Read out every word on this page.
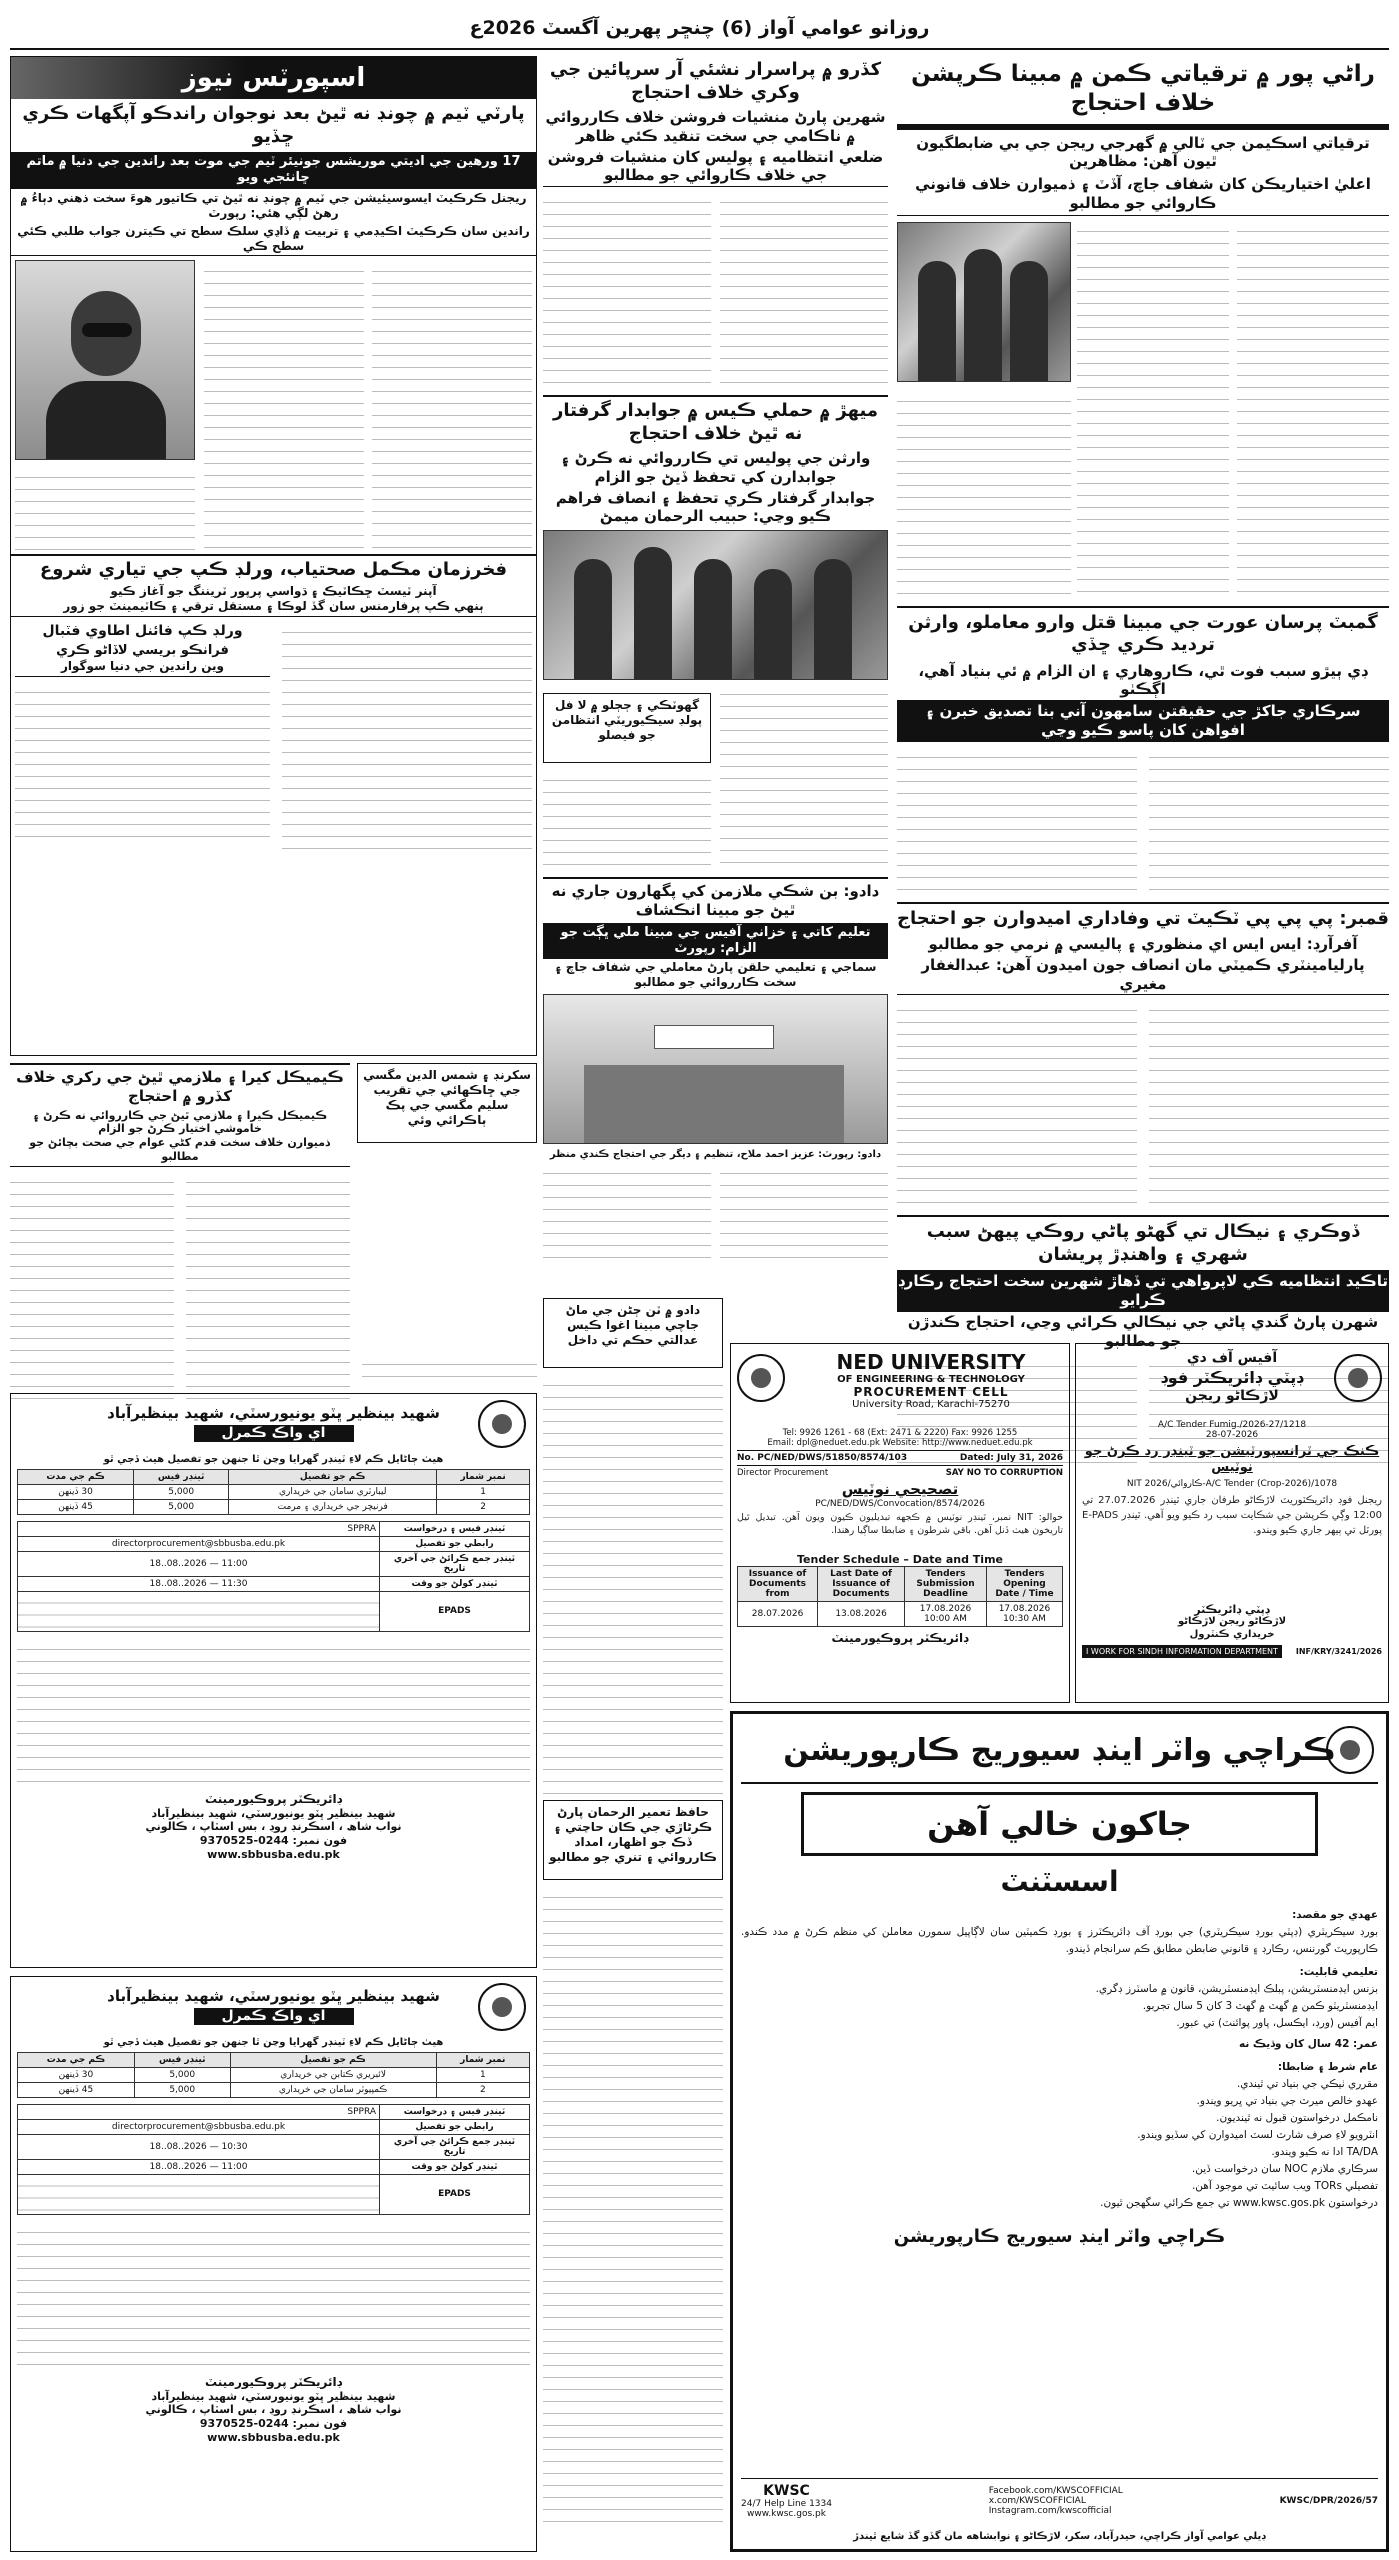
روزانو عوامي آواز (6) چنڇر پهرين آگسٽ 2026ع
راڻي پور ۾ ترقياتي ڪمن ۾ مبينا ڪرپشن خلاف احتجاج
ترقياتي اسڪيمن جي ٽالي ۾ گهرجي ريجن جي بي ضابطگيون ٿيون آهن: مظاهرين
اعليٰ اختياريڪن کان شفاف جاچ، آڏٽ ۽ ذميوارن خلاف قانوني ڪاروائي جو مطالبو
گمبٽ پرسان عورت جي مبينا قتل وارو معاملو، وارثن ترديد ڪري ڇڏي
ڊي ٻيڙو سبب فوت ٿي، ڪاروهاري ۽ ان الزام ۾ ئي بنياد آهي، اڳڪٺو
سرڪاري جاکڙ جي حقيقتن سامهون آني بنا تصديق خبرن ۽ افواهن کان پاسو ڪيو وڃي
قمبر: پي پي پي ٽڪيٽ تي وفاداري اميدوارن جو احتجاج
آفرآرڊ: ايس ايس اي منظوري ۽ پاليسي ۾ نرمي جو مطالبو
پارليامينٽري ڪميٽي مان انصاف جون اميدون آهن: عبدالغفار مغيري
ڏوڪري ۽ نيڪال تي گهڻو پاڻي روڪي پيهڻ سبب شهري ۽ واهنڊڙ پريشان
تاڪيد انتظاميه ڪي لاپرواهي تي ڏهاڙ شهرين سخت احتجاج رڪارڊ ڪرايو
شهرن پارڻ گندي پاڻي جي نيڪالي ڪرائي وڃي، احتجاج ڪندڙن جو مطالبو
کڏرو ۾ پراسرار نشئي آر سرپائين جي وکري خلاف احتجاج
شهرين پارڻ منشيات فروشن خلاف ڪارروائي ۾ ناڪامي جي سخت تنقيد ڪئي ظاهر
ضلعي انتظاميه ۽ پوليس کان منشيات فروشن جي خلاف ڪاروائي جو مطالبو
ميهڙ ۾ حملي ڪيس ۾ جوابدار گرفتار نه ٿيڻ خلاف احتجاج
وارثن جي پوليس تي ڪارروائي نه ڪرڻ ۽ جوابدارن کي تحفظ ڏيڻ جو الزام
جوابدار گرفتار ڪري تحفظ ۽ انصاف فراهم ڪيو وڃي: حبيب الرحمان ميمڻ
گهوٽڪي ۽ ڄڄلو ۾ لا فل پولڊ سيڪيوريٽي انتظامن جو فيصلو
دادو: بن شڪي ملازمن کي پگهارون جاري نه ٿيڻ جو مبينا انڪشاف
تعليم کاتي ۽ خزاني آفيس جي مبينا ملي ڀڳت جو الزام: رپورٽ
سماجي ۽ تعليمي حلقن پارڻ معاملي جي شفاف جاچ ۽ سخت ڪارروائي جو مطالبو
دادو: رپورٽ: عزيز احمد ملاح، تنظيم ۽ ديگر جي احتجاج ڪندي منظر
سکرنڊ ۽ شمس الدين مگسي جي ڇاڪهائي جي تقريب سليم مگسي جي پڪ ٻاڪرائي وئي
اسپورٽس نيوز
پارٽي ٽيم ۾ چونڊ نه ٿيڻ بعد نوجوان راندڪو آپگهات ڪري ڇڏيو
17 ورهين جي اديتي موريشس جونيئر ٽيم جي موت بعد راندين جي دنيا ۾ ماتم ڇانئجي ويو
ريجنل ڪرڪيٽ ايسوسيئيشن جي ٽيم ۾ چونڊ نه ٿيڻ تي ڪاتيور هوءَ سخت ذهني دٻاءُ ۾ رهڻ لڳي هئي: رپورٽ
راندين سان ڪرڪيٽ اڪيڊمي ۽ تربيت ۾ ڏاڍي سلڪ سطح تي ڪيترن جواب طلبي ڪئي سطح ڪي
فخرزمان مڪمل صحتياب، ورلڊ ڪپ جي تياري شروع
آپنر ٽيسٽ ڇڪاٽيڪ ۽ ڌواسي پرپور ٽريننگ جو آغاز ڪيو
ٻنهي ڪپ پرفارمنس سان گڏ لوڪا ۽ مستقل ترقي ۽ ڪاٽيمينٽ جو زور
ورلڊ ڪپ فائنل اطاوي فٽبال
فرانڪو بريسي لاڏاڻو ڪري
وين راندين جي دنيا سوگوار
ڪيميڪل کيرا ۽ ملازمي ٿيڻ جي رکري خلاف کڏرو ۾ احتجاج
ڪيميڪل ڪيرا ۽ ملازمي ٿيڻ جي ڪارروائي نه ڪرڻ ۽ خاموشي اختيار ڪرڻ جو الزام
ذميوارن خلاف سخت قدم کڻي عوام جي صحت بچائڻ جو مطالبو
شهيد بينظير ڀٽو يونيورسٽي، شهيد بينظيرآباد
اي واڪ ڪمرل
هيٺ ڄاڻايل ڪم لاءِ ٽينڊر گهرايا وڃن ٿا جنهن جو تفصيل هيٺ ڏجي ٿو
نمبر شمار	ڪم جو تفصيل	ٽينڊر فيس	ڪم جي مدت
1	ليبارٽري سامان جي خريداري	5,000	30 ڏينهن
2	فرنيچر جي خريداري ۽ مرمت	5,000	45 ڏينهن
ٽينڊر فيس ۽ درخواست	SPPRA
رابطي جو تفصيل	directorprocurement@sbbusba.edu.pk
ٽينڊر جمع ڪرائڻ جي آخري تاريخ	18..08..2026 — 11:00
ٽينڊر کولڻ جو وقت	18..08..2026 — 11:30
EPADS	
ڊائريڪٽر پروڪيورمينٽ
شهيد بينظير ڀٽو يونيورسٽي، شهيد بينظيرآباد
نواب شاھ ، اسڪرنڊ روڊ ، بس اسٽاپ ، ڪالوني
فون نمبر: 0244-9370525
www.sbbusba.edu.pk
شهيد بينظير ڀٽو يونيورسٽي، شهيد بينظيرآباد
اي واڪ ڪمرل
هيٺ ڄاڻايل ڪم لاءِ ٽينڊر گهرايا وڃن ٿا جنهن جو تفصيل هيٺ ڏجي ٿو
نمبر شمار	ڪم جو تفصيل	ٽينڊر فيس	ڪم جي مدت
1	لائبريري ڪتابن جي خريداري	5,000	30 ڏينهن
2	ڪمپيوٽر سامان جي خريداري	5,000	45 ڏينهن
ٽينڊر فيس ۽ درخواست	SPPRA
رابطي جو تفصيل	directorprocurement@sbbusba.edu.pk
ٽينڊر جمع ڪرائڻ جي آخري تاريخ	18..08..2026 — 10:30
ٽينڊر کولڻ جو وقت	18..08..2026 — 11:00
EPADS	
ڊائريڪٽر پروڪيورمينٽ
شهيد بينظير ڀٽو يونيورسٽي، شهيد بينظيرآباد
نواب شاھ ، اسڪرنڊ روڊ ، بس اسٽاپ ، ڪالوني
فون نمبر: 0244-9370525
www.sbbusba.edu.pk
دادو ۾ ٽن ڄڻن جي ماڻ جاچي مبينا اغوا ڪيس عدالتي حڪم تي داخل
حافظ تعمير الرحمان پارڻ ڪرڻاڙي جي ڪان حاڃتي ۽ ڏڪ جو اظهار، امداد ڪارروائي ۽ تنري جو مطالبو
NED UNIVERSITY
OF ENGINEERING & TECHNOLOGY
PROCUREMENT CELL
University Road, Karachi-75270
Tel: 9926 1261 - 68 (Ext: 2471 & 2220) Fax: 9926 1255
Email: dpl@neduet.edu.pk Website: http://www.neduet.edu.pk
No. PC/NED/DWS/51850/8574/103	Dated: July 31, 2026
Director Procurement	SAY NO TO CORRUPTION
تصحيحي نوٽيس
PC/NED/DWS/Convocation/8574/2026
حوالو: NIT نمبر، ٽينڊر نوٽيس ۾ ڪجھه تبديليون ڪيون ويون آهن. تبديل ٿيل تاريخون هيٺ ڏنل آهن. باقي شرطون ۽ ضابطا ساڳيا رهندا.
Tender Schedule – Date and Time
Issuance of Documents from	Last Date of Issuance of Documents	Tenders Submission Deadline	Tenders Opening Date / Time
28.07.2026	13.08.2026	17.08.2026 10:00 AM	17.08.2026 10:30 AM
ڊائريڪٽر پروڪيورمينٽ
آفيس آف دي
ڊپٽي ڊائريڪٽر فوڊ
لاڙڪاڻو ريجن
A/C Tender Fumig./2026-27/1218
28-07-2026
ڪنڪ جي ٽرانسپورٽيشن جو ٽينڊر رد ڪرڻ جو نوٽيس
NIT ڪاروائي/2026-A/C Tender (Crop-2026)/1078
ريجنل فوڊ ڊائريڪٽوريٽ لاڙڪاڻو طرفان جاري ٽينڊر 27.07.2026 تي 12:00 وڳي ڪرپشن جي شڪايت سبب رد ڪيو ويو آهي. ٽينڊر E-PADS پورٽل تي ٻيهر جاري ڪيو ويندو.
ڊپٽي ڊائريڪٽر
لاڙڪاڻو ريجن لاڙڪاڻو
خريداري ڪنٽرول
I WORK FOR SINDH INFORMATION DEPARTMENT	INF/KRY/3241/2026
ڪراچي واٽر اينڊ سيوريج ڪارپوريشن
جاکون خالي آهن
اسسٽنٽ
عهدي جو مقصد:
بورڊ سيڪريٽري (ڊپٽي بورڊ سيڪريٽري) جي بورڊ آف ڊائريڪٽرز ۽ بورڊ ڪميٽين سان لاڳاپيل سمورن معاملن کي منظم ڪرڻ ۾ مدد ڪندو. ڪارپوريٽ گورننس، رڪارڊ ۽ قانوني ضابطن مطابق ڪم سرانجام ڏيندو.
تعليمي قابليت:
بزنس ايڊمنسٽريشن، پبلڪ ايڊمنسٽريشن، قانون ۾ ماسٽرز ڊگري.
ايڊمنسٽريٽو ڪمن ۾ گهٽ ۾ گهٽ 3 کان 5 سال تجربو.
ايم آفيس (ورڊ، ايڪسل، پاور پوائنٽ) تي عبور.
عمر: 42 سال کان وڌيڪ نه
عام شرط ۽ ضابطا:
مقرري ٺيڪي جي بنياد تي ٿيندي.
عهدو خالص ميرٽ جي بنياد تي ڀريو ويندو.
نامڪمل درخواستون قبول نه ٿينديون.
انٽرويو لاءِ صرف شارٽ لسٽ اميدوارن کي سڏيو ويندو.
TA/DA ادا نه ڪيو ويندو.
سرڪاري ملازم NOC سان درخواست ڏين.
تفصيلي TORs ويب سائيٽ تي موجود آهن.
درخواستون www.kwsc.gos.pk تي جمع ڪرائي سگهجن ٿيون.
ڪراچي واٽر اينڊ سيوريج ڪارپوريشن
KWSC
24/7 Help Line 1334
www.kwsc.gos.pk
Facebook.com/KWSCOFFICIAL
x.com/KWSCOFFICIAL
Instagram.com/kwscofficial
KWSC/DPR/2026/57
ڊيلي عوامي آواز ڪراچي، حيدرآباد، سکر، لاڙڪاڻو ۽ نوابشاهه مان گڏو گڏ شايع ٿيندڙ
